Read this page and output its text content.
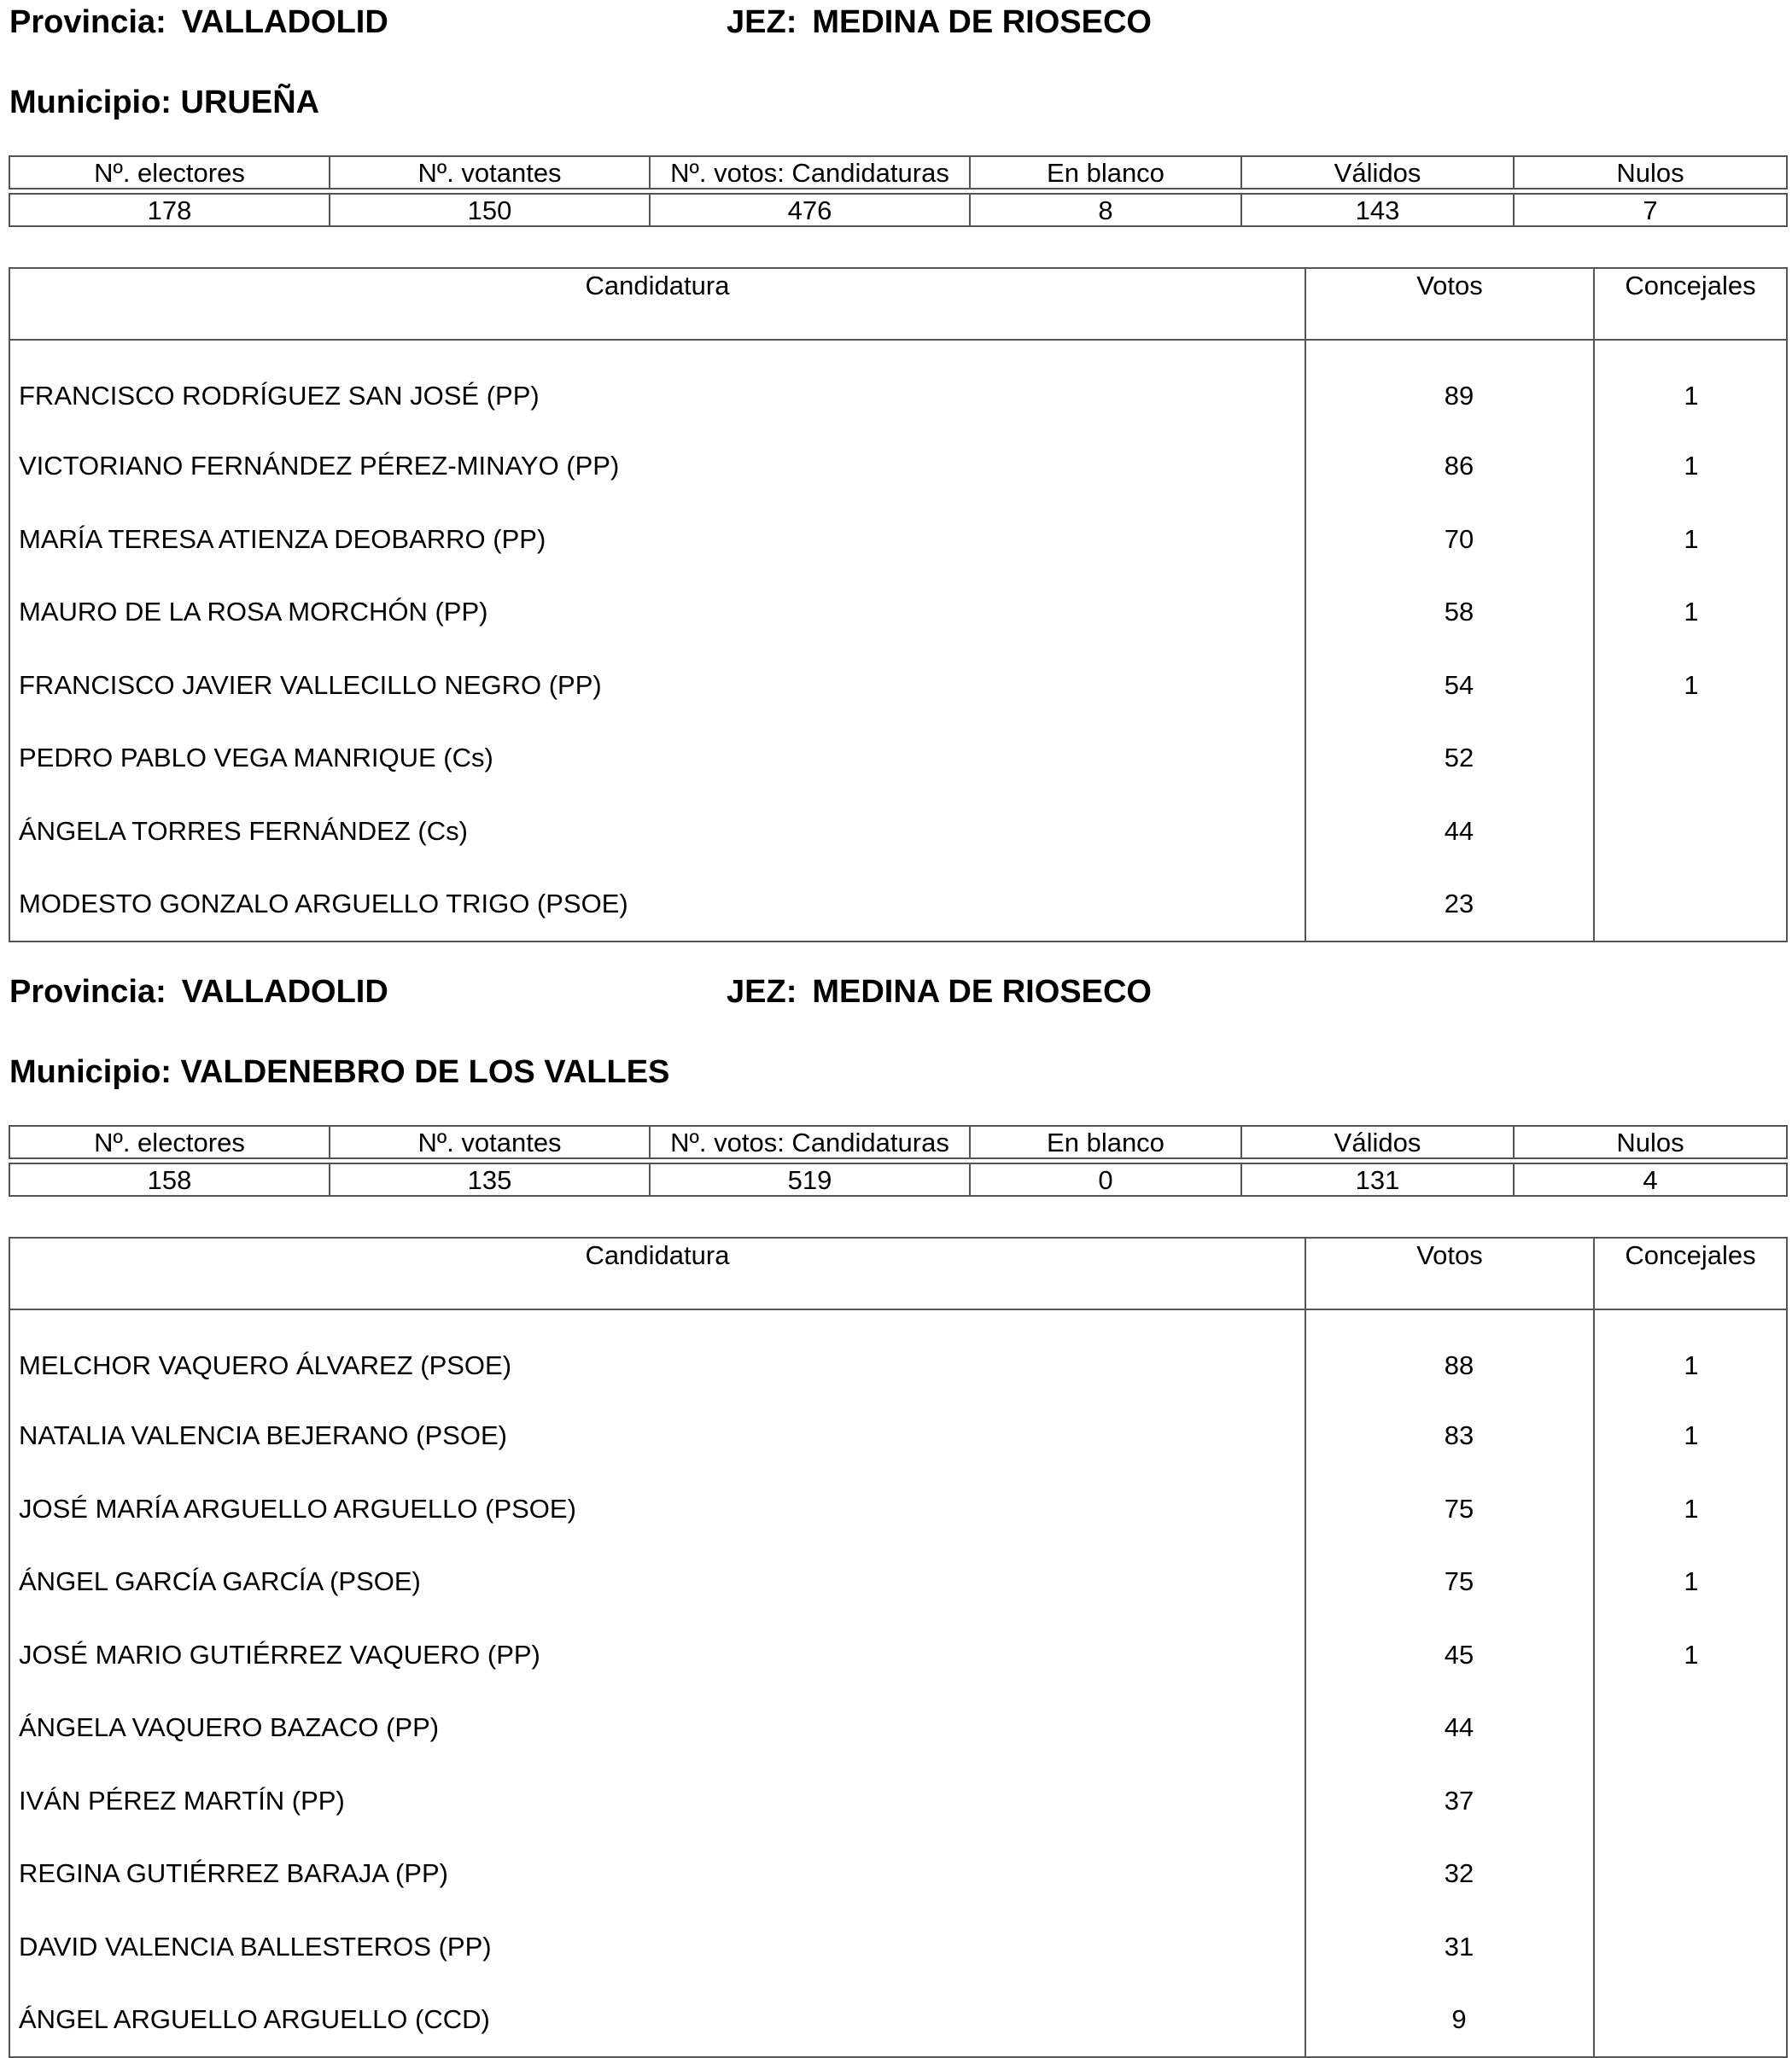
Provincia: VALLADOLID	JEZ: MEDINA DE RIOSECO
Municipio: URUEÑA
Nº. electores	Nº. votantes	Nº. votos: Candidaturas	En blanco	Válidos	Nulos
178	150	476	8	143	7
Candidatura	Votos	Concejales
FRANCISCO RODRÍGUEZ SAN JOSÉ (PP)	89	1
VICTORIANO FERNÁNDEZ PÉREZ-MINAYO (PP)	86	1
MARÍA TERESA ATIENZA DEOBARRO (PP)	70	1
MAURO DE LA ROSA MORCHÓN (PP)	58	1
FRANCISCO JAVIER VALLECILLO NEGRO (PP)	54	1
PEDRO PABLO VEGA MANRIQUE (Cs)	52	
ÁNGELA TORRES FERNÁNDEZ (Cs)	44	
MODESTO GONZALO ARGUELLO TRIGO (PSOE)	23	
Provincia: VALLADOLID	JEZ: MEDINA DE RIOSECO
Municipio: VALDENEBRO DE LOS VALLES
Nº. electores	Nº. votantes	Nº. votos: Candidaturas	En blanco	Válidos	Nulos
158	135	519	0	131	4
Candidatura	Votos	Concejales
MELCHOR VAQUERO ÁLVAREZ (PSOE)	88	1
NATALIA VALENCIA BEJERANO (PSOE)	83	1
JOSÉ MARÍA ARGUELLO ARGUELLO (PSOE)	75	1
ÁNGEL GARCÍA GARCÍA (PSOE)	75	1
JOSÉ MARIO GUTIÉRREZ VAQUERO (PP)	45	1
ÁNGELA VAQUERO BAZACO (PP)	44	
IVÁN PÉREZ MARTÍN (PP)	37	
REGINA GUTIÉRREZ BARAJA (PP)	32	
DAVID VALENCIA BALLESTEROS (PP)	31	
ÁNGEL ARGUELLO ARGUELLO (CCD)	9	
